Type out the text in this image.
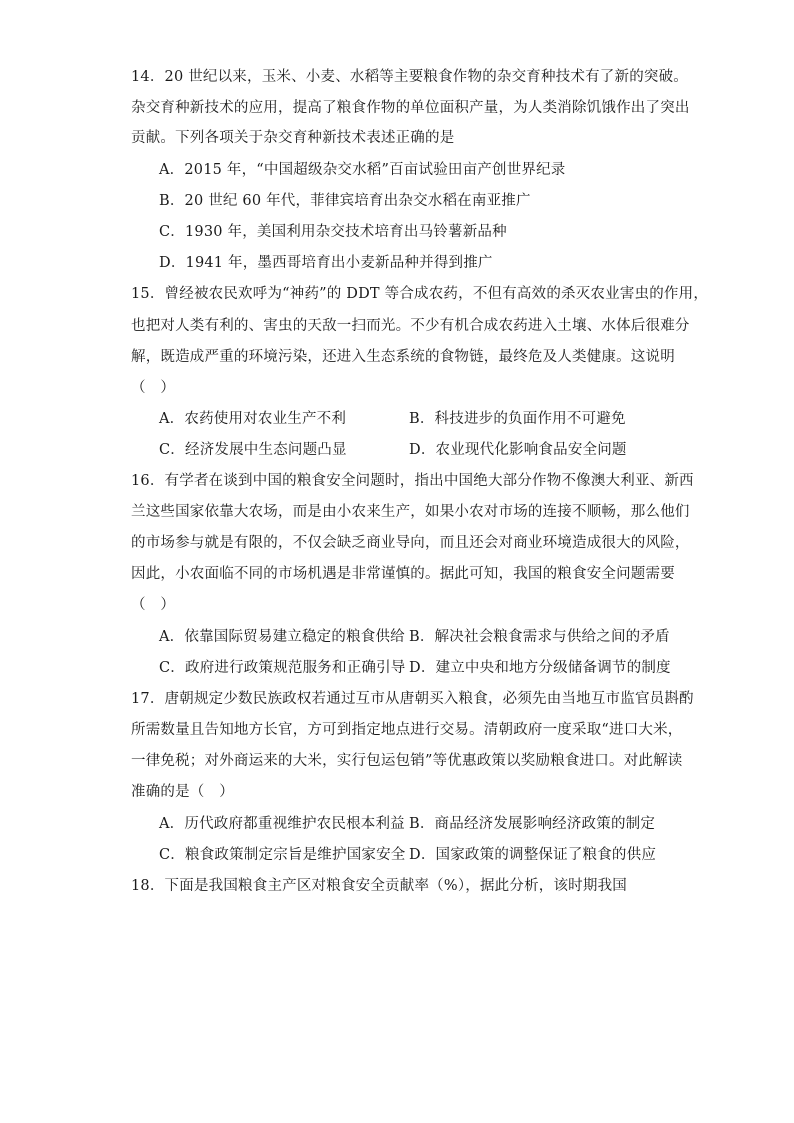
14．20 世纪以来，玉米、小麦、水稻等主要粮食作物的杂交育种技术有了新的突破。
杂交育种新技术的应用，提高了粮食作物的单位面积产量，为人类消除饥饿作出了突出
贡献。下列各项关于杂交育种新技术表述正确的是
A．2015 年，“中国超级杂交水稻”百亩试验田亩产创世界纪录
B．20 世纪 60 年代，菲律宾培育出杂交水稻在南亚推广
C．1930 年，美国利用杂交技术培育出马铃薯新品种
D．1941 年，墨西哥培育出小麦新品种并得到推广
15．曾经被农民欢呼为“神药”的 DDT 等合成农药，不但有高效的杀灭农业害虫的作用，
也把对人类有利的、害虫的天敌一扫而光。不少有机合成农药进入土壤、水体后很难分
解，既造成严重的环境污染，还进入生态系统的食物链，最终危及人类健康。这说明
（　）
A．农药使用对农业生产不利	B．科技进步的负面作用不可避免
C．经济发展中生态问题凸显	D．农业现代化影响食品安全问题
16．有学者在谈到中国的粮食安全问题时，指出中国绝大部分作物不像澳大利亚、新西
兰这些国家依靠大农场，而是由小农来生产，如果小农对市场的连接不顺畅，那么他们
的市场参与就是有限的，不仅会缺乏商业导向，而且还会对商业环境造成很大的风险，
因此，小农面临不同的市场机遇是非常谨慎的。据此可知，我国的粮食安全问题需要
（　）
A．依靠国际贸易建立稳定的粮食供给 B．解决社会粮食需求与供给之间的矛盾
C．政府进行政策规范服务和正确引导 D．建立中央和地方分级储备调节的制度
17．唐朝规定少数民族政权若通过互市从唐朝买入粮食，必须先由当地互市监官员斟酌
所需数量且告知地方长官，方可到指定地点进行交易。清朝政府一度采取“进口大米，
一律免税；对外商运来的大米，实行包运包销”等优惠政策以奖励粮食进口。对此解读
准确的是（　）
A．历代政府都重视维护农民根本利益 B．商品经济发展影响经济政策的制定
C．粮食政策制定宗旨是维护国家安全 D．国家政策的调整保证了粮食的供应
18．下面是我国粮食主产区对粮食安全贡献率（%），据此分析，该时期我国
